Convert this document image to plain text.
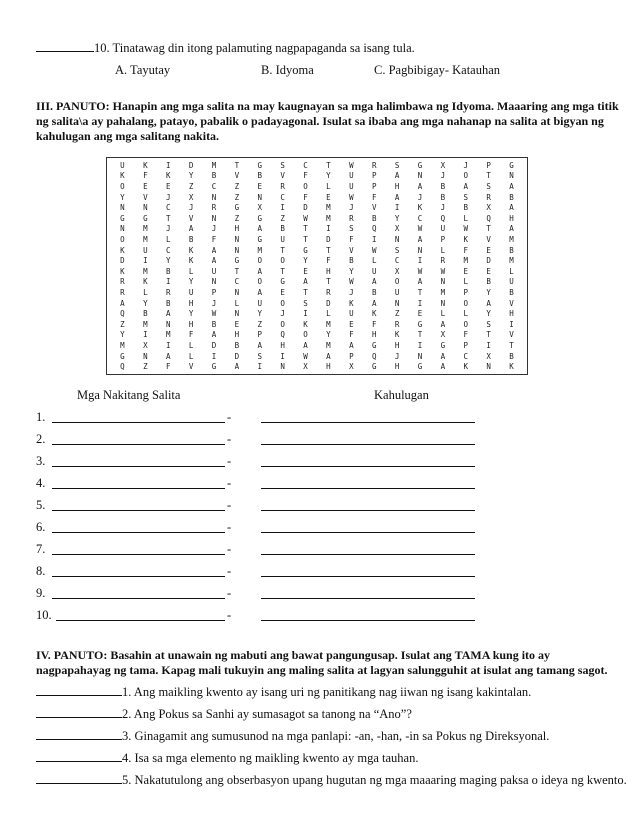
10. Tinatawag din itong palamuting nagpapaganda sa isang tula.
A. Tayutay	B. Idyoma	C. Pagbibigay- Katauhan
III. PANUTO: Hanapin ang mga salita na may kaugnayan sa mga halimbawa ng Idyoma. Maaaring ang mga titik
ng salita\a ay pahalang, patayo, pabalik o padayagonal. Isulat sa ibaba ang mga nahanap na salita at bigyan ng
kahulugan ang mga salitang nakita.
U	K	I	D	M	T	G	S	C	T	W	R	S	G	X	J	P	G
K	F	K	Y	B	V	B	V	F	Y	U	P	A	N	J	O	T	N
O	E	E	Z	C	Z	E	R	O	L	U	P	H	A	B	A	S	A
Y	V	J	X	N	Z	N	C	F	E	W	F	A	J	B	S	R	B
N	N	C	J	R	G	X	I	D	M	J	V	I	K	J	B	X	A
G	G	T	V	N	Z	G	Z	W	M	R	B	Y	C	Q	L	Q	H
N	M	J	A	J	H	A	B	T	I	S	Q	X	W	U	W	T	A
O	M	L	B	F	N	G	U	T	D	F	I	N	A	P	K	V	M
K	U	C	K	A	N	M	T	G	T	V	W	S	N	L	F	E	B
D	I	Y	K	A	G	O	O	Y	F	B	L	C	I	R	M	D	M
K	M	B	L	U	T	A	T	E	H	Y	U	X	W	W	E	E	L
R	K	I	Y	N	C	O	G	A	T	W	A	O	A	N	L	B	U
R	L	R	U	P	N	A	E	T	R	J	B	U	T	M	P	Y	B
A	Y	B	H	J	L	U	O	S	D	K	A	N	I	N	O	A	V
Q	B	A	Y	W	N	Y	J	I	L	U	K	Z	E	L	L	Y	H
Z	M	N	H	B	E	Z	O	K	M	E	F	R	G	A	O	S	I
Y	I	M	F	A	H	P	Q	O	Y	F	H	K	T	X	F	T	V
M	X	I	L	D	B	A	H	A	M	A	G	H	I	G	P	I	T
G	N	A	L	I	D	S	I	W	A	P	Q	J	N	A	C	X	B
Q	Z	F	V	G	A	I	N	X	H	X	G	H	G	A	K	N	K
Mga Nakitang Salita	Kahulugan
1.	-
2.	-
3.	-
4.	-
5.	-
6.	-
7.	-
8.	-
9.	-
10.	-
IV. PANUTO: Basahin at unawain ng mabuti ang bawat pangungusap. Isulat ang TAMA kung ito ay
nagpapahayag ng tama. Kapag mali tukuyin ang maling salita at lagyan salungguhit at isulat ang tamang sagot.
1. Ang maikling kwento ay isang uri ng panitikang nag iiwan ng isang kakintalan.
2. Ang Pokus sa Sanhi ay sumasagot sa tanong na “Ano”?
3. Ginagamit ang sumusunod na mga panlapi: -an, -han, -in sa Pokus ng Direksyonal.
4. Isa sa mga elemento ng maikling kwento ay mga tauhan.
5. Nakatutulong ang obserbasyon upang hugutan ng mga maaaring maging paksa o ideya ng kwento.
